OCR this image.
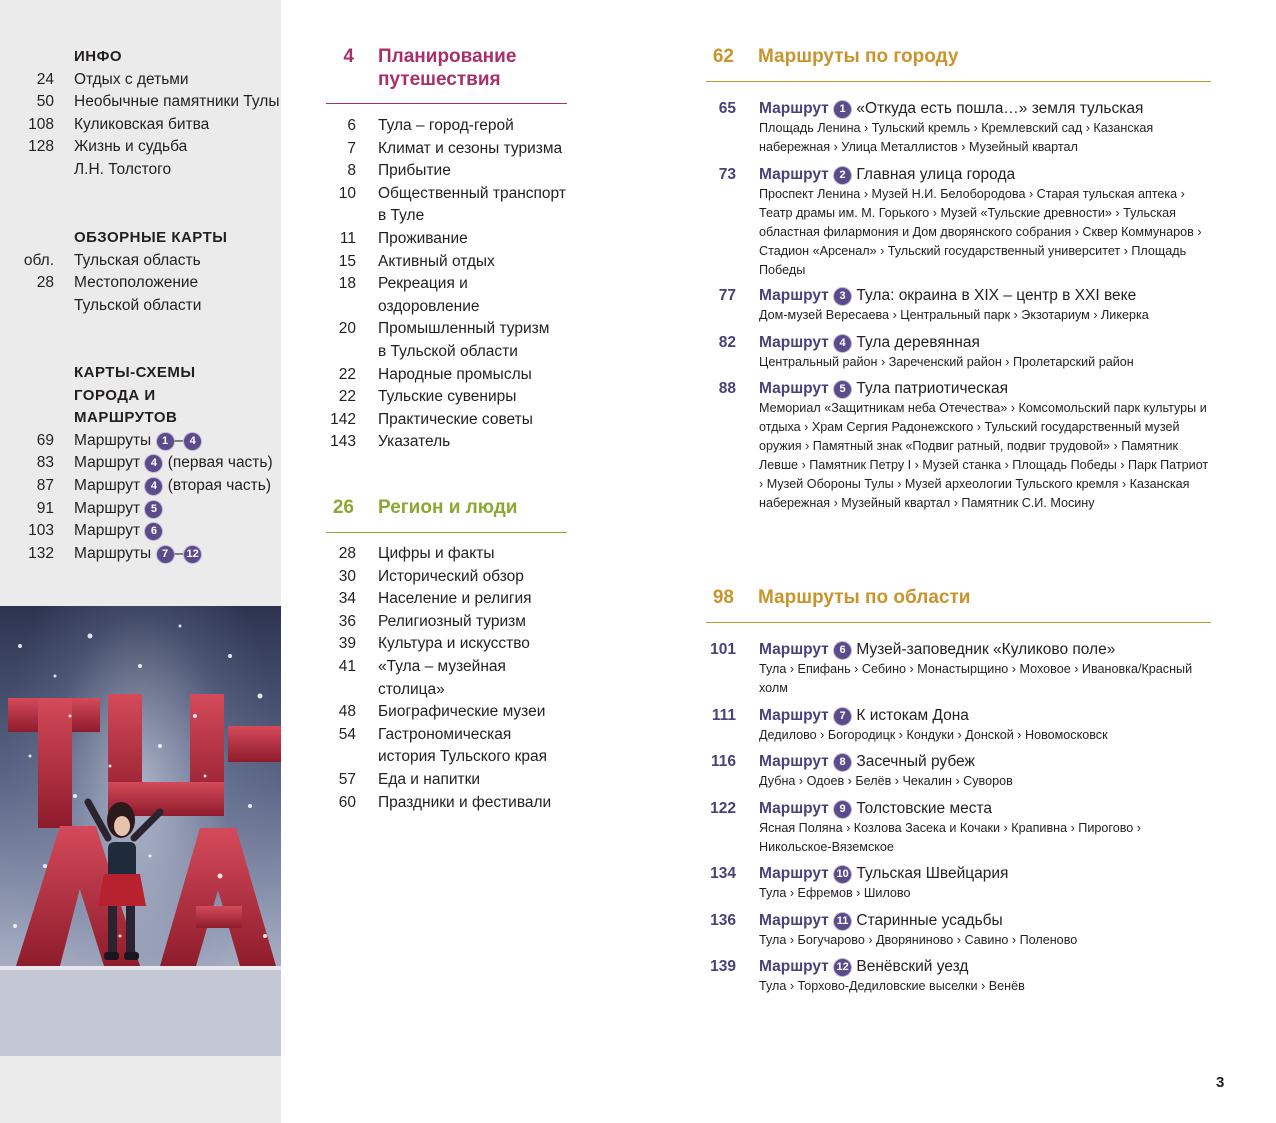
ИНФО
24 Отдых с детьми
50 Необычные памятники Тулы
108 Куликовская битва
128 Жизнь и судьба Л.Н. Толстого
ОБЗОРНЫЕ КАРТЫ
обл. Тульская область
28 Местоположение Тульской области
КАРТЫ-СХЕМЫ ГОРОДА И МАРШРУТОВ
69 Маршруты 1 – 4
83 Маршрут 4 (первая часть)
87 Маршрут 4 (вторая часть)
91 Маршрут 5
103 Маршрут 6
132 Маршруты 7 – 12
4 Планирование путешествия
6 Тула – город-герой
7 Климат и сезоны туризма
8 Прибытие
10 Общественный транспорт в Туле
11 Проживание
15 Активный отдых
18 Рекреация и оздоровление
20 Промышленный туризм в Тульской области
22 Народные промыслы
22 Тульские сувениры
142 Практические советы
143 Указатель
26 Регион и люди
28 Цифры и факты
30 Исторический обзор
34 Население и религия
36 Религиозный туризм
39 Культура и искусство
41 «Тула – музейная столица»
48 Биографические музеи
54 Гастрономическая история Тульского края
57 Еда и напитки
60 Праздники и фестивали
62 Маршруты по городу
65 Маршрут 1 «Откуда есть пошла…» земля тульская
Площадь Ленина › Тульский кремль › Кремлевский сад › Казанская набережная › Улица Металлистов › Музейный квартал
73 Маршрут 2 Главная улица города
Проспект Ленина › Музей Н.И. Белобородова › Старая тульская аптека › Театр драмы им. М. Горького › Музей «Тульские древности» › Тульская областная филармония и Дом дворянского собрания › Сквер Коммунаров › Стадион «Арсенал» › Тульский государственный университет › Площадь Победы
77 Маршрут 3 Тула: окраина в XIX – центр в XXI веке
Дом-музей Вересаева › Центральный парк › Экзотариум › Ликерка
82 Маршрут 4 Тула деревянная
Центральный район › Зареченский район › Пролетарский район
88 Маршрут 5 Тула патриотическая
Мемориал «Защитникам неба Отечества» › Комсомольский парк культуры и отдыха › Храм Сергия Радонежского › Тульский государственный музей оружия › Памятный знак «Подвиг ратный, подвиг трудовой» › Памятник Левше › Памятник Петру I › Музей станка › Площадь Победы › Парк Патриот › Музей Обороны Тулы › Музей археологии Тульского кремля › Казанская набережная › Музейный квартал › Памятник С.И. Мосину
98 Маршруты по области
101 Маршрут 6 Музей-заповедник «Куликово поле»
Тула › Епифань › Себино › Монастырщино › Моховое › Ивановка/Красный холм
111 Маршрут 7 К истокам Дона
Дедилово › Богородицк › Кондуки › Донской › Новомосковск
116 Маршрут 8 Засечный рубеж
Дубна › Одоев › Белёв › Чекалин › Суворов
122 Маршрут 9 Толстовские места
Ясная Поляна › Козлова Засека и Кочаки › Крапивна › Пирогово › Никольское-Вяземское
134 Маршрут 10 Тульская Швейцария
Тула › Ефремов › Шилово
136 Маршрут 11 Старинные усадьбы
Тула › Богучарово › Дворяниново › Савино › Поленово
139 Маршрут 12 Венёвский уезд
Тула › Торхово-Дедиловские выселки › Венёв
3
